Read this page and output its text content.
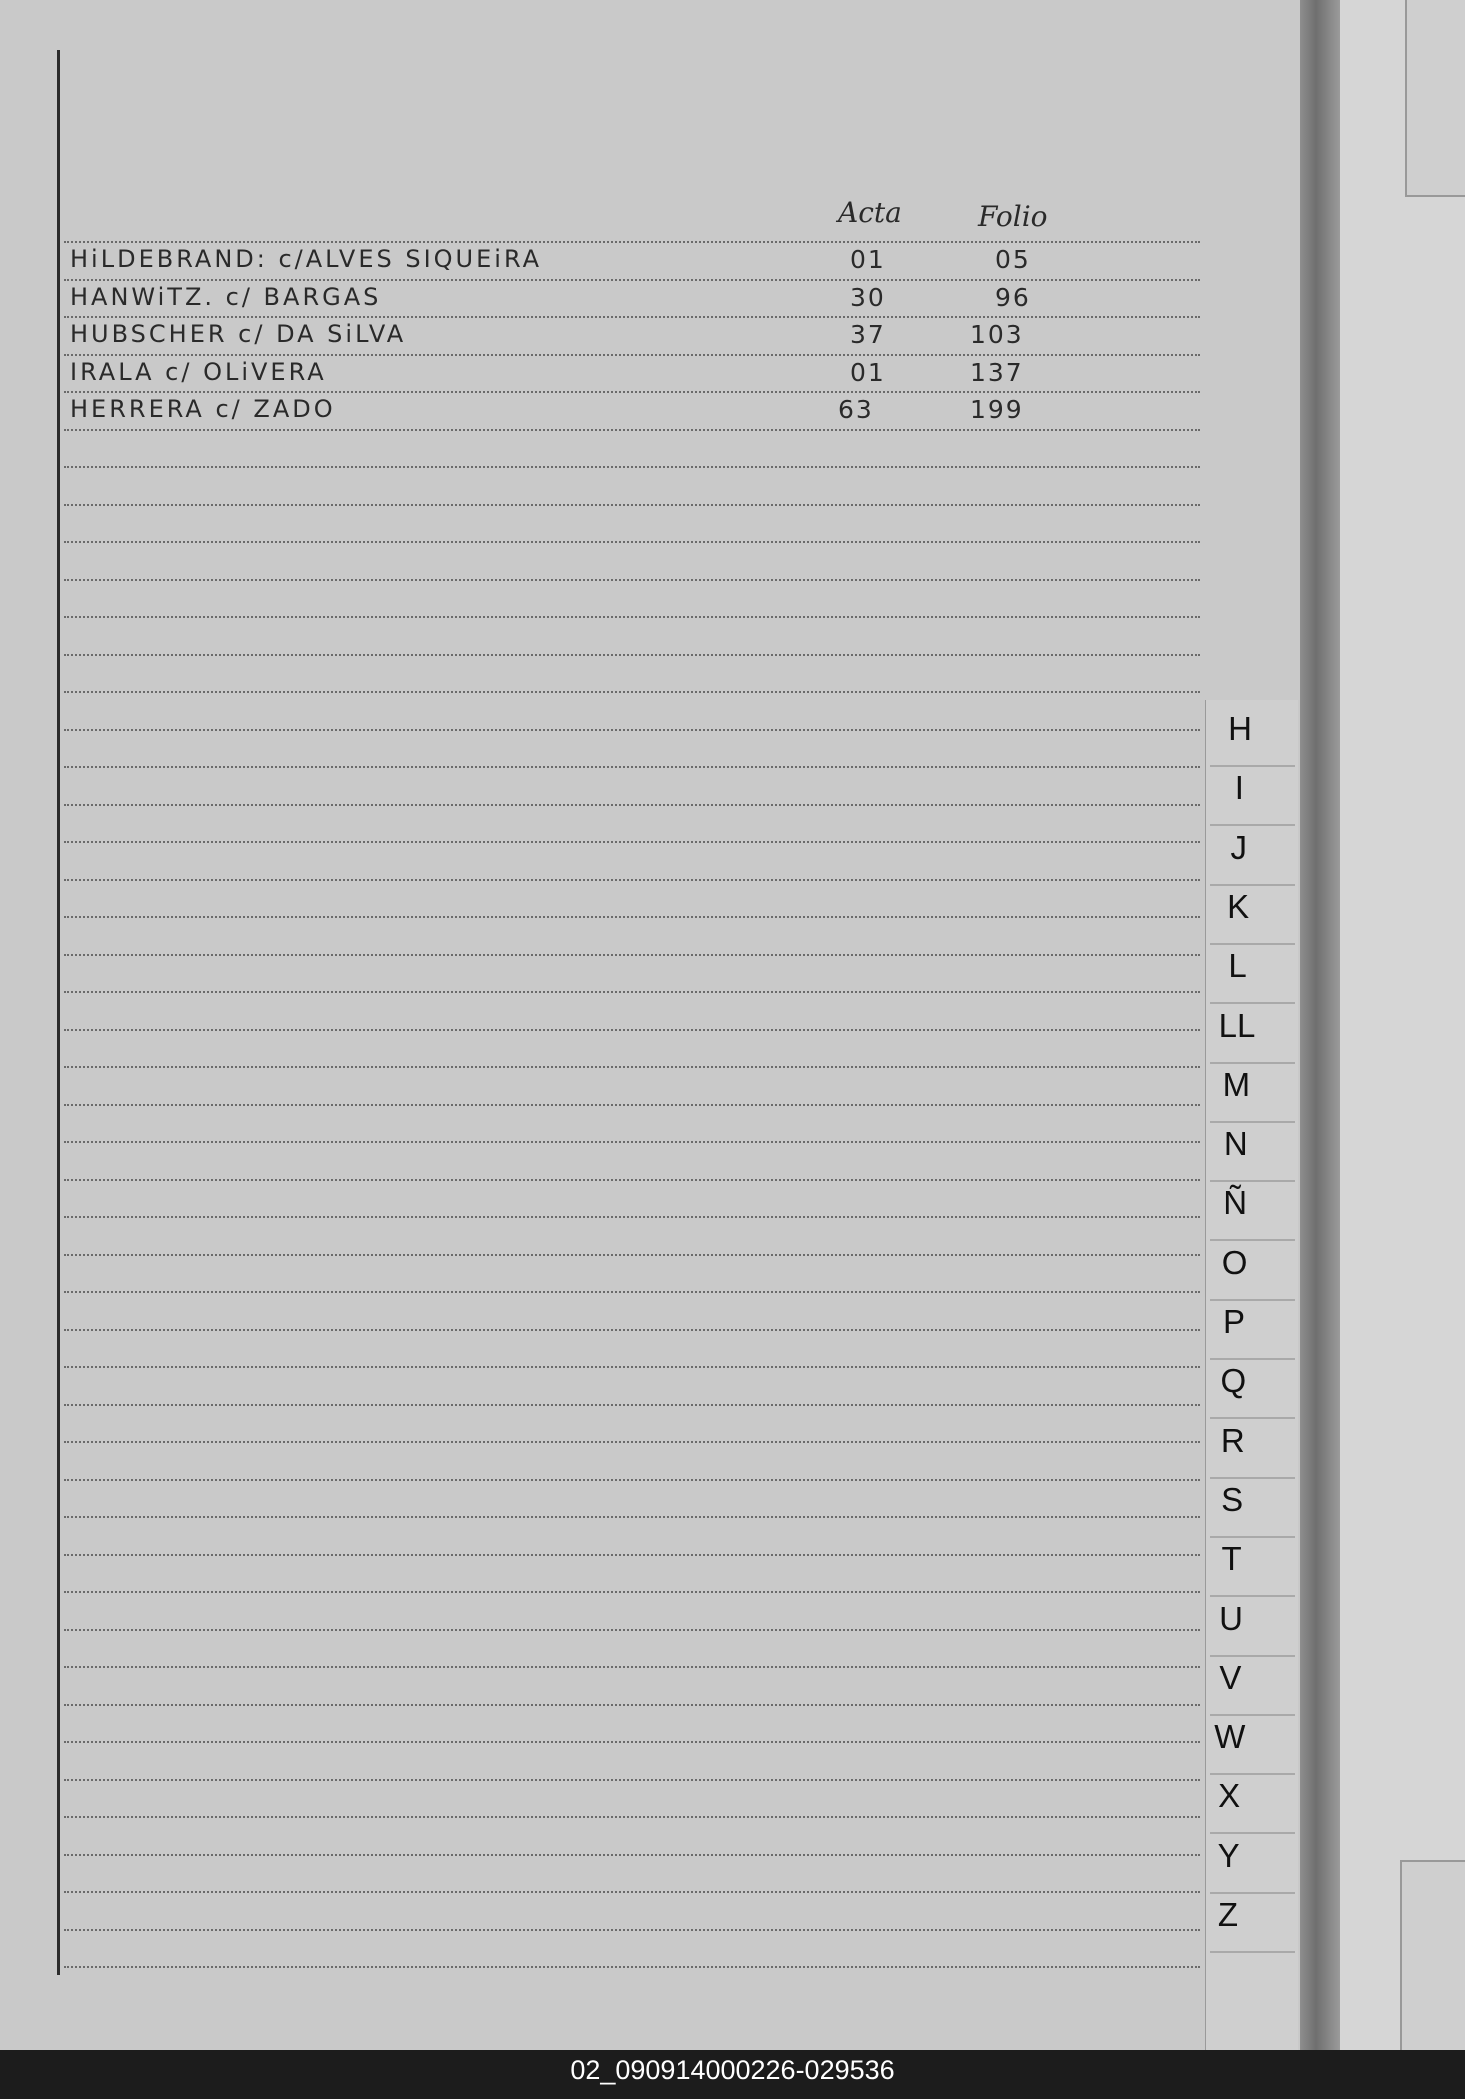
Acta	Folio
HiLDEBRAND: c/ALVES SIQUEiRA	01	05
HANWiTZ. c/ BARGAS	30	96
HUBSCHER c/ DA SiLVA	37	103
IRALA c/ OLiVERA	01	137
HERRERA c/ ZADO	63	199
H
I
J
K
L
LL
M
N
Ñ
O
P
Q
R
S
T
U
V
W
X
Y
Z
02_090914000226-029536
